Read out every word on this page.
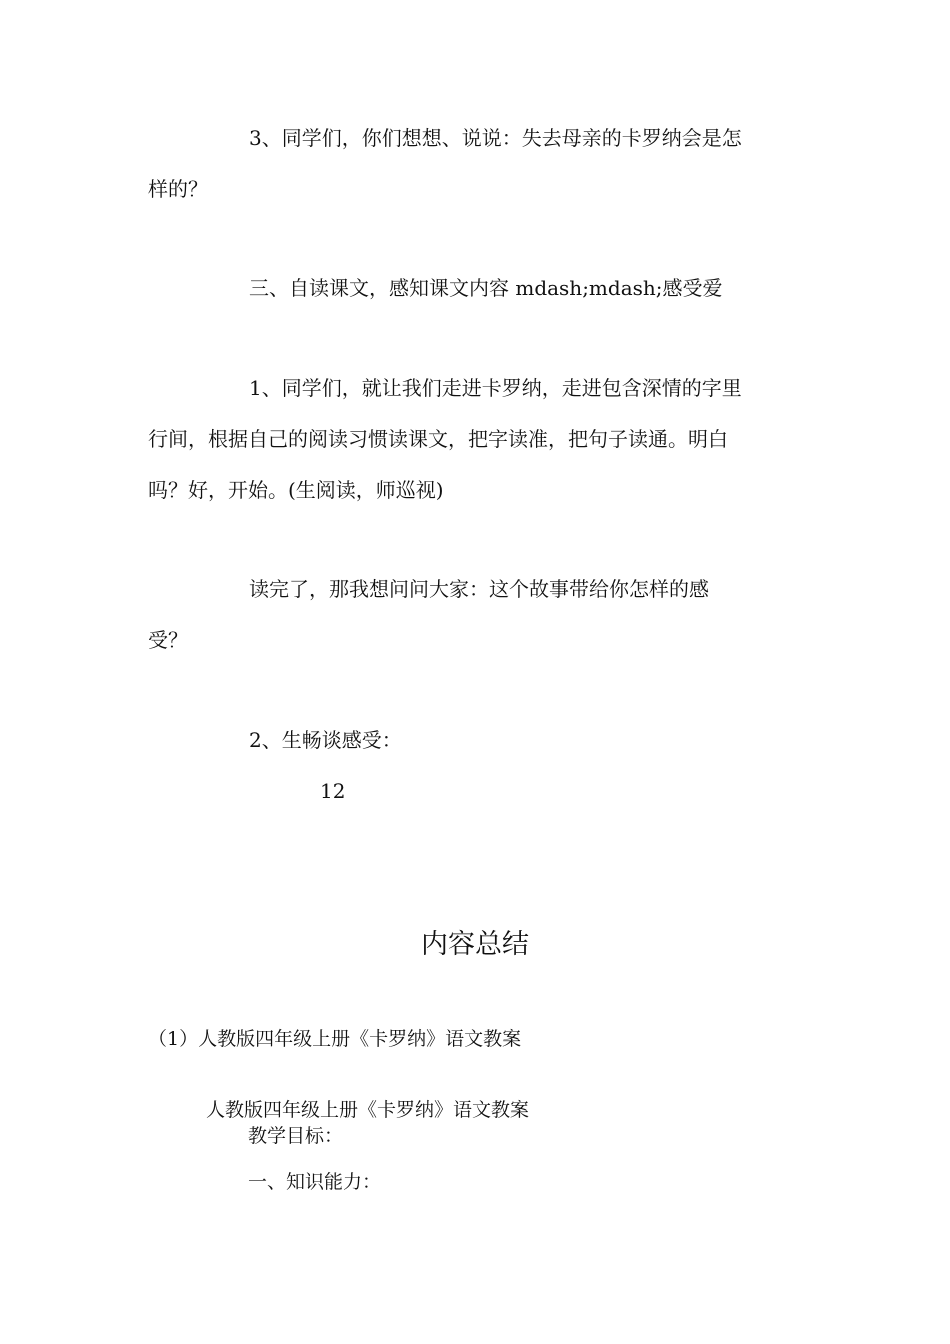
3、同学们，你们想想、说说：失去母亲的卡罗纳会是怎
样的？
三、自读课文，感知课文内容 mdash;mdash;感受爱
1、同学们，就让我们走进卡罗纳，走进包含深情的字里
行间，根据自己的阅读习惯读课文，把字读准，把句子读通。明白
吗？好，开始。(生阅读，师巡视)
读完了，那我想问问大家：这个故事带给你怎样的感
受？
2、生畅谈感受：
12
内容总结
（1）人教版四年级上册《卡罗纳》语文教案
人教版四年级上册《卡罗纳》语文教案
教学目标：
一、知识能力：
